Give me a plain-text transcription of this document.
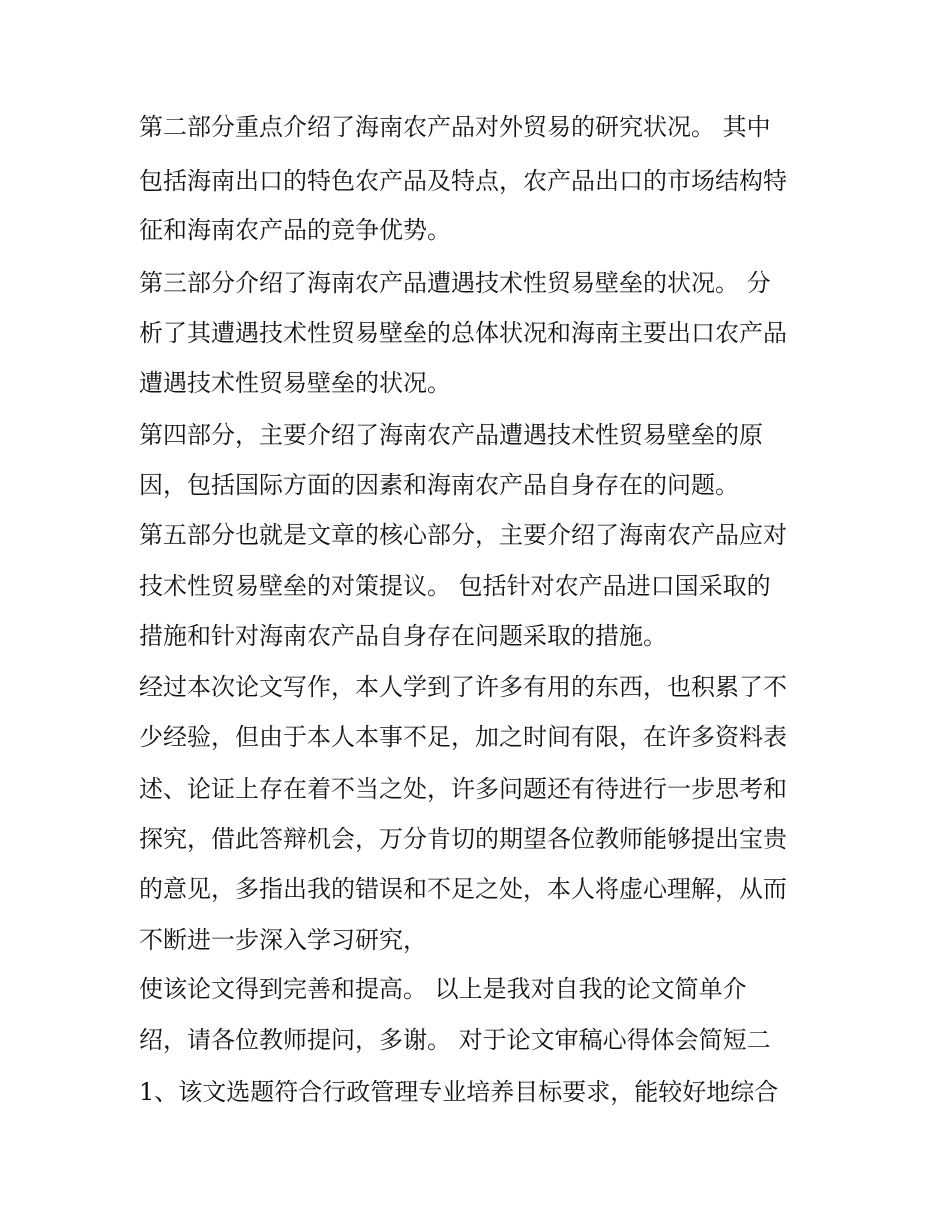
第二部分重点介绍了海南农产品对外贸易的研究状况。 其中
包括海南出口的特色农产品及特点，农产品出口的市场结构特
征和海南农产品的竞争优势。
第三部分介绍了海南农产品遭遇技术性贸易壁垒的状况。 分
析了其遭遇技术性贸易壁垒的总体状况和海南主要出口农产品
遭遇技术性贸易壁垒的状况。
第四部分，主要介绍了海南农产品遭遇技术性贸易壁垒的原
因，包括国际方面的因素和海南农产品自身存在的问题。
第五部分也就是文章的核心部分，主要介绍了海南农产品应对
技术性贸易壁垒的对策提议。 包括针对农产品进口国采取的
措施和针对海南农产品自身存在问题采取的措施。
经过本次论文写作，本人学到了许多有用的东西，也积累了不
少经验，但由于本人本事不足，加之时间有限，在许多资料表
述、论证上存在着不当之处，许多问题还有待进行一步思考和
探究，借此答辩机会，万分肯切的期望各位教师能够提出宝贵
的意见，多指出我的错误和不足之处，本人将虚心理解，从而
不断进一步深入学习研究，
使该论文得到完善和提高。 以上是我对自我的论文简单介
绍，请各位教师提问，多谢。 对于论文审稿心得体会简短二
1、该文选题符合行政管理专业培养目标要求，能较好地综合
